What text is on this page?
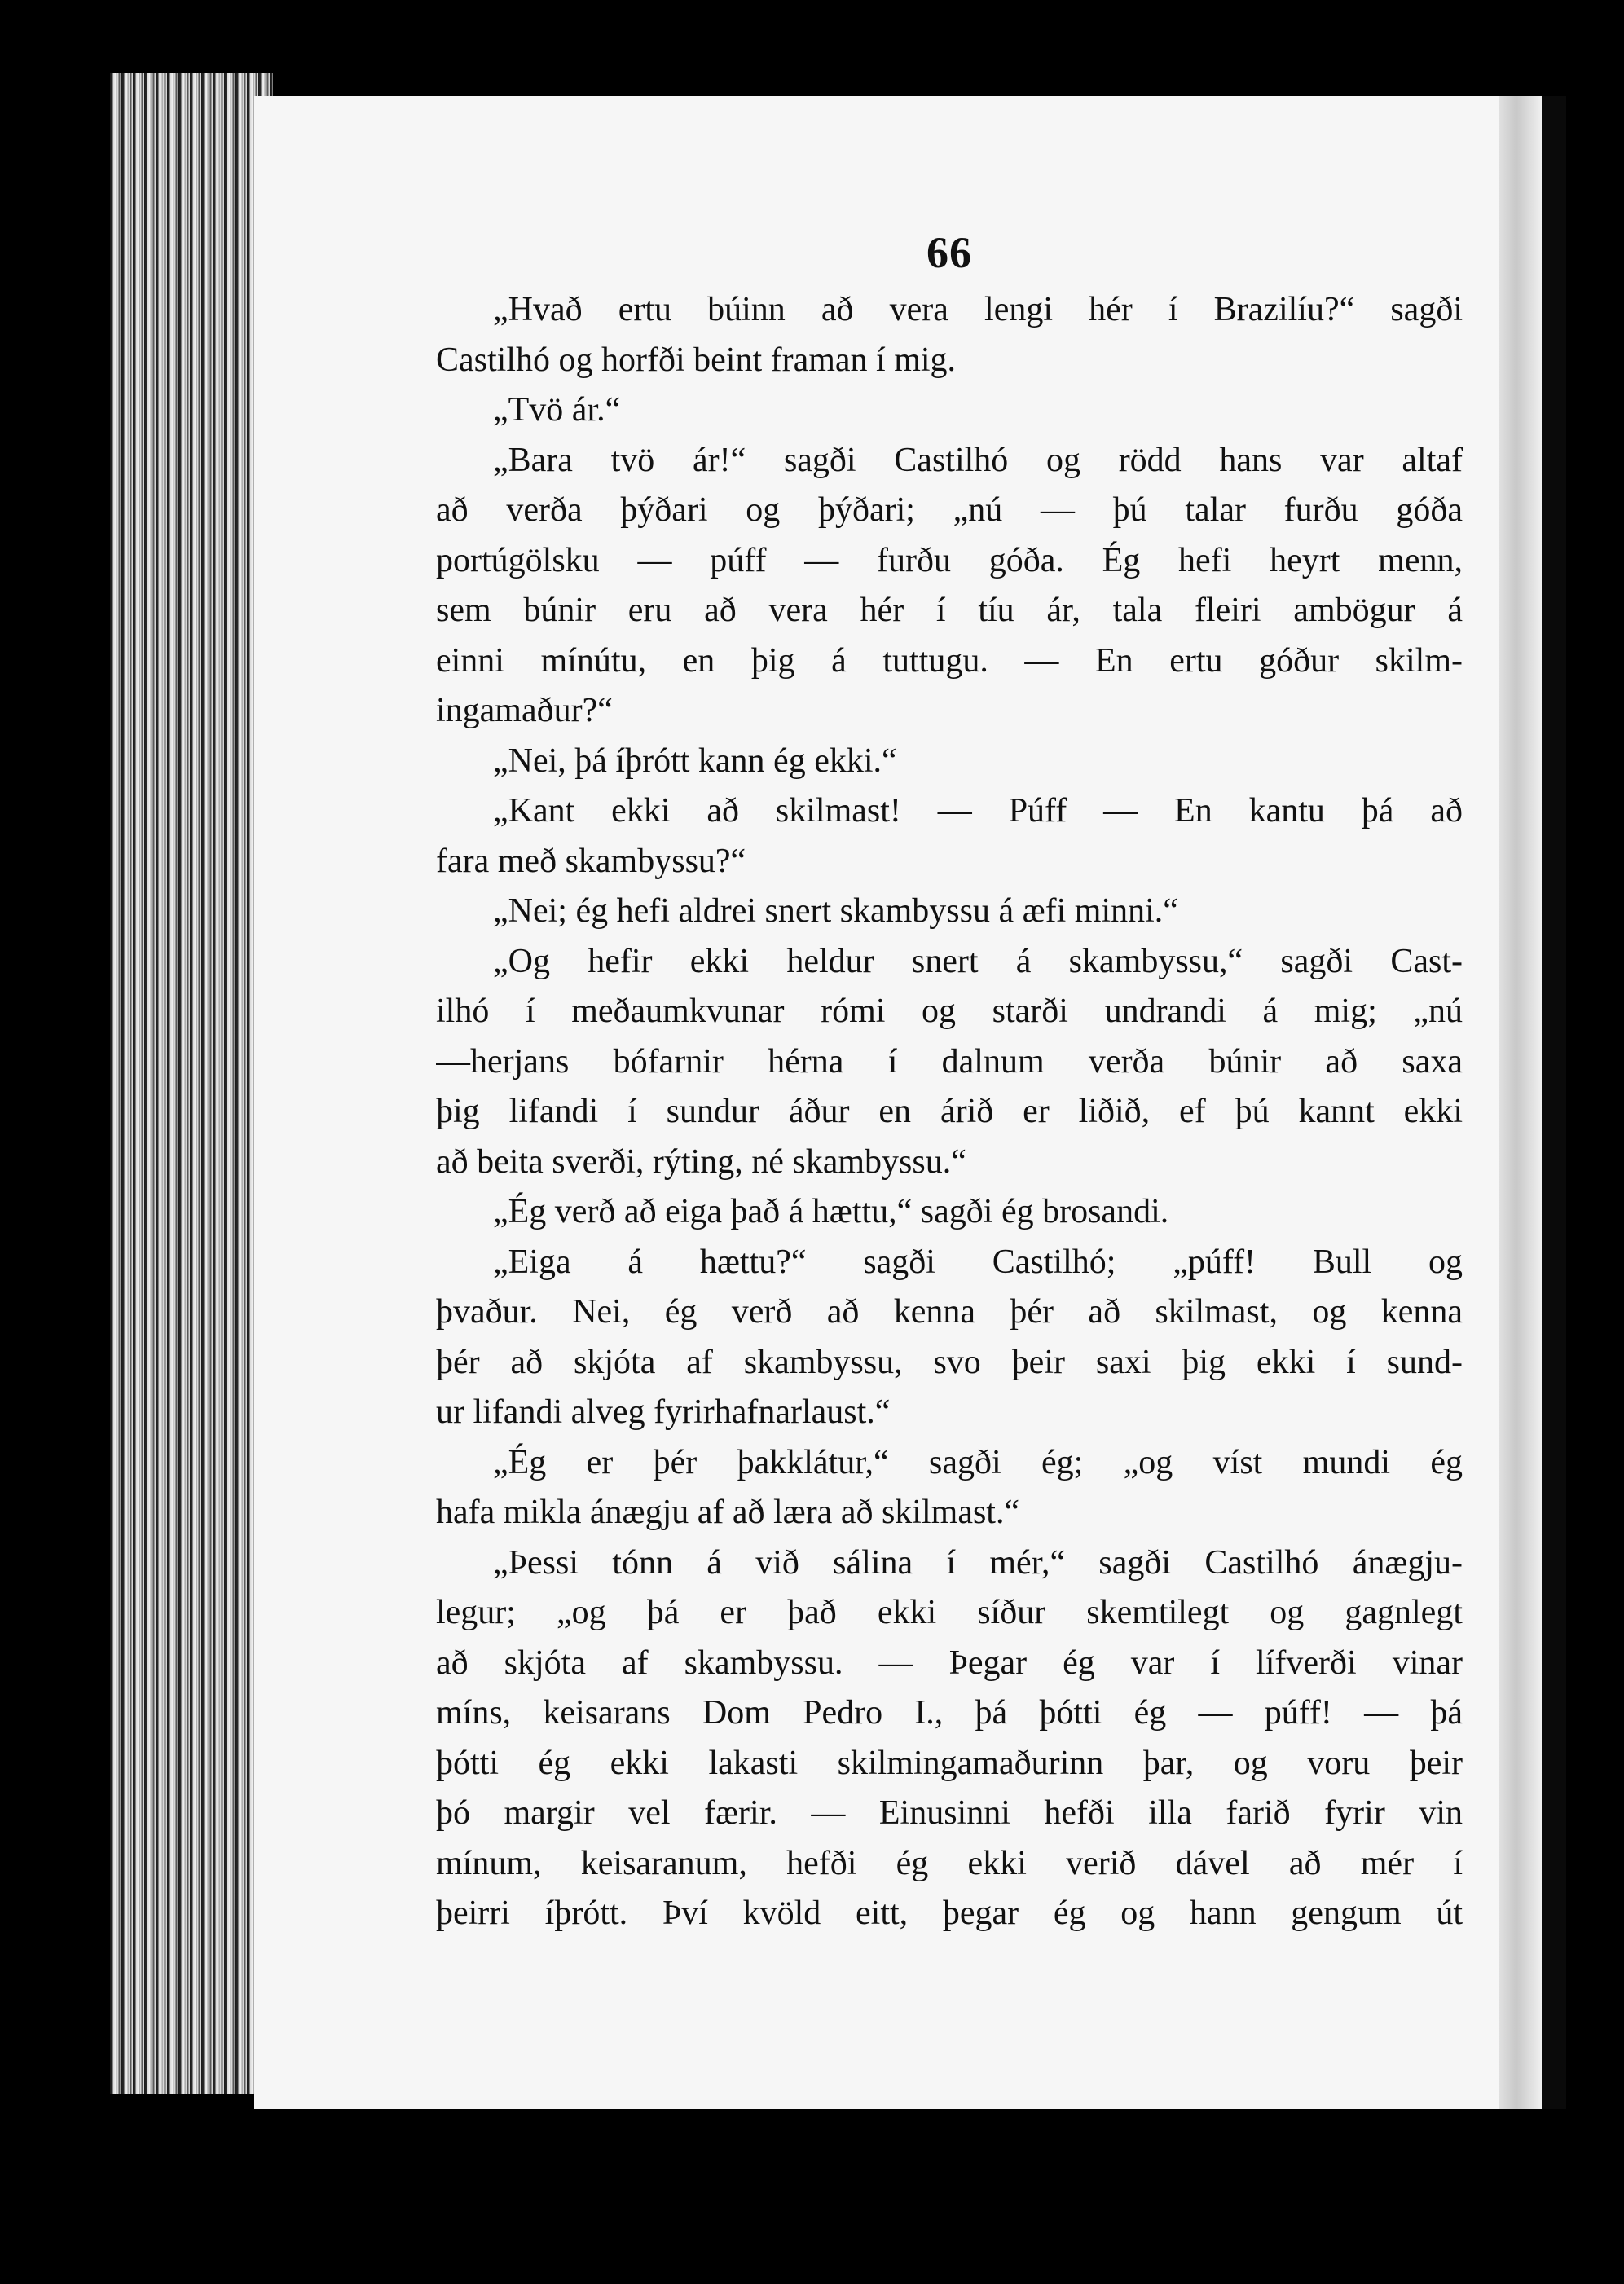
66
„Hvað ertu búinn að vera lengi hér í Brazilíu?“ sagði
Castilhó og horfði beint framan í mig.
„Tvö ár.“
„Bara tvö ár!“ sagði Castilhó og rödd hans var altaf
að verða þýðari og þýðari; „nú — þú talar furðu góða
portúgölsku — púff — furðu góða. Ég hefi heyrt menn,
sem búnir eru að vera hér í tíu ár, tala fleiri ambögur á
einni mínútu, en þig á tuttugu. — En ertu góður skilm-
ingamaður?“
„Nei, þá íþrótt kann ég ekki.“
„Kant ekki að skilmast! — Púff — En kantu þá að
fara með skambyssu?“
„Nei; ég hefi aldrei snert skambyssu á æfi minni.“
„Og hefir ekki heldur snert á skambyssu,“ sagði Cast-
ilhó í meðaumkvunar rómi og starði undrandi á mig; „nú
—herjans bófarnir hérna í dalnum verða búnir að saxa
þig lifandi í sundur áður en árið er liðið, ef þú kannt ekki
að beita sverði, rýting, né skambyssu.“
„Ég verð að eiga það á hættu,“ sagði ég brosandi.
„Eiga á hættu?“ sagði Castilhó; „púff! Bull og
þvaður. Nei, ég verð að kenna þér að skilmast, og kenna
þér að skjóta af skambyssu, svo þeir saxi þig ekki í sund-
ur lifandi alveg fyrirhafnarlaust.“
„Ég er þér þakklátur,“ sagði ég; „og víst mundi ég
hafa mikla ánægju af að læra að skilmast.“
„Þessi tónn á við sálina í mér,“ sagði Castilhó ánægju-
legur; „og þá er það ekki síður skemtilegt og gagnlegt
að skjóta af skambyssu. — Þegar ég var í lífverði vinar
míns, keisarans Dom Pedro I., þá þótti ég — púff! — þá
þótti ég ekki lakasti skilmingamaðurinn þar, og voru þeir
þó margir vel færir. — Einusinni hefði illa farið fyrir vin
mínum, keisaranum, hefði ég ekki verið dável að mér í
þeirri íþrótt. Því kvöld eitt, þegar ég og hann gengum út
